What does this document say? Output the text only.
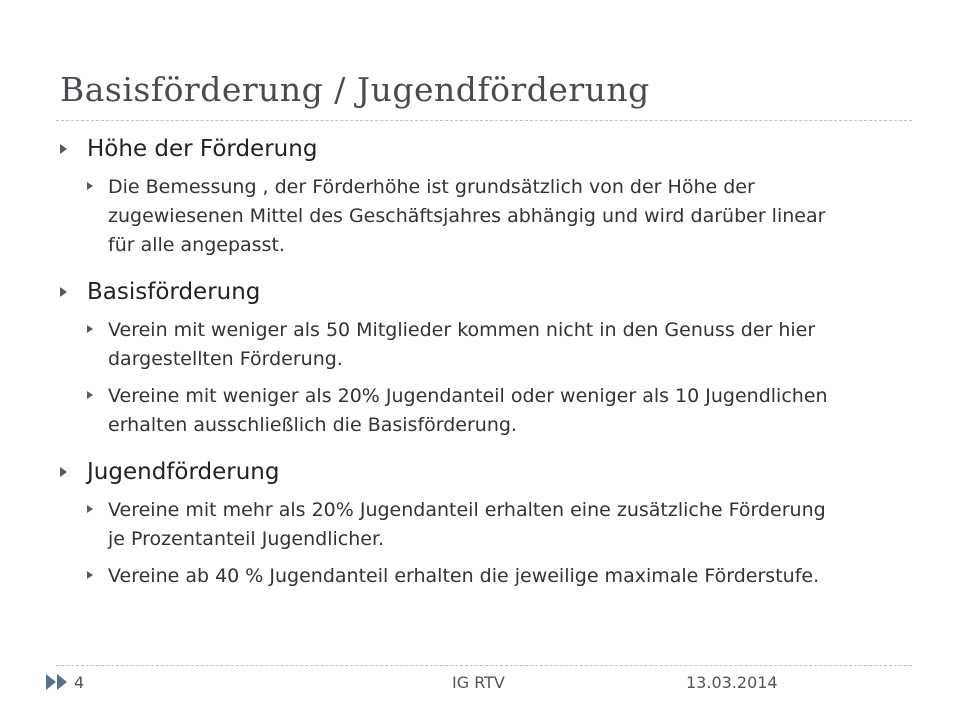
Basisförderung / Jugendförderung
Höhe der Förderung
Die Bemessung , der Förderhöhe ist grundsätzlich von der Höhe der zugewiesenen Mittel des Geschäftsjahres abhängig und wird darüber linear für alle angepasst.
Basisförderung
Verein mit weniger als 50 Mitglieder kommen nicht in den Genuss der hier dargestellten Förderung.
Vereine mit weniger als 20% Jugendanteil oder weniger als 10 Jugendlichen erhalten ausschließlich die Basisförderung.
Jugendförderung
Vereine mit mehr als 20% Jugendanteil erhalten eine zusätzliche Förderung je Prozentanteil Jugendlicher.
Vereine ab 40 % Jugendanteil erhalten die jeweilige maximale Förderstufe.
4	IG RTV	13.03.2014
